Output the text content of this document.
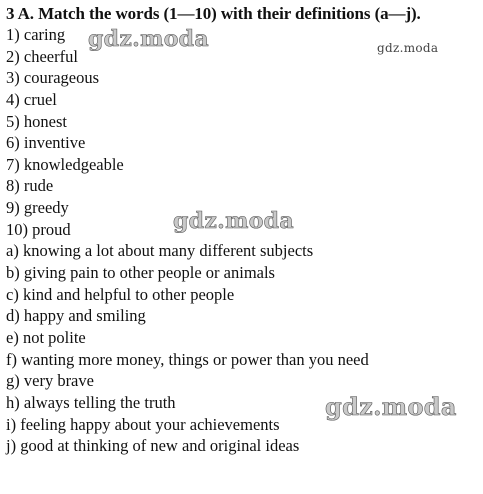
3 A. Match the words (1—10) with their definitions (a—j).
1) caring
2) cheerful
3) courageous
4) cruel
5) honest
6) inventive
7) knowledgeable
8) rude
9) greedy
10) proud
a) knowing a lot about many different subjects
b) giving pain to other people or animals
c) kind and helpful to other people
d) happy and smiling
e) not polite
f) wanting more money, things or power than you need
g) very brave
h) always telling the truth
i) feeling happy about your achievements
j) good at thinking of new and original ideas
gdz.moda	gdz.moda
gdz.moda
gdz.moda
